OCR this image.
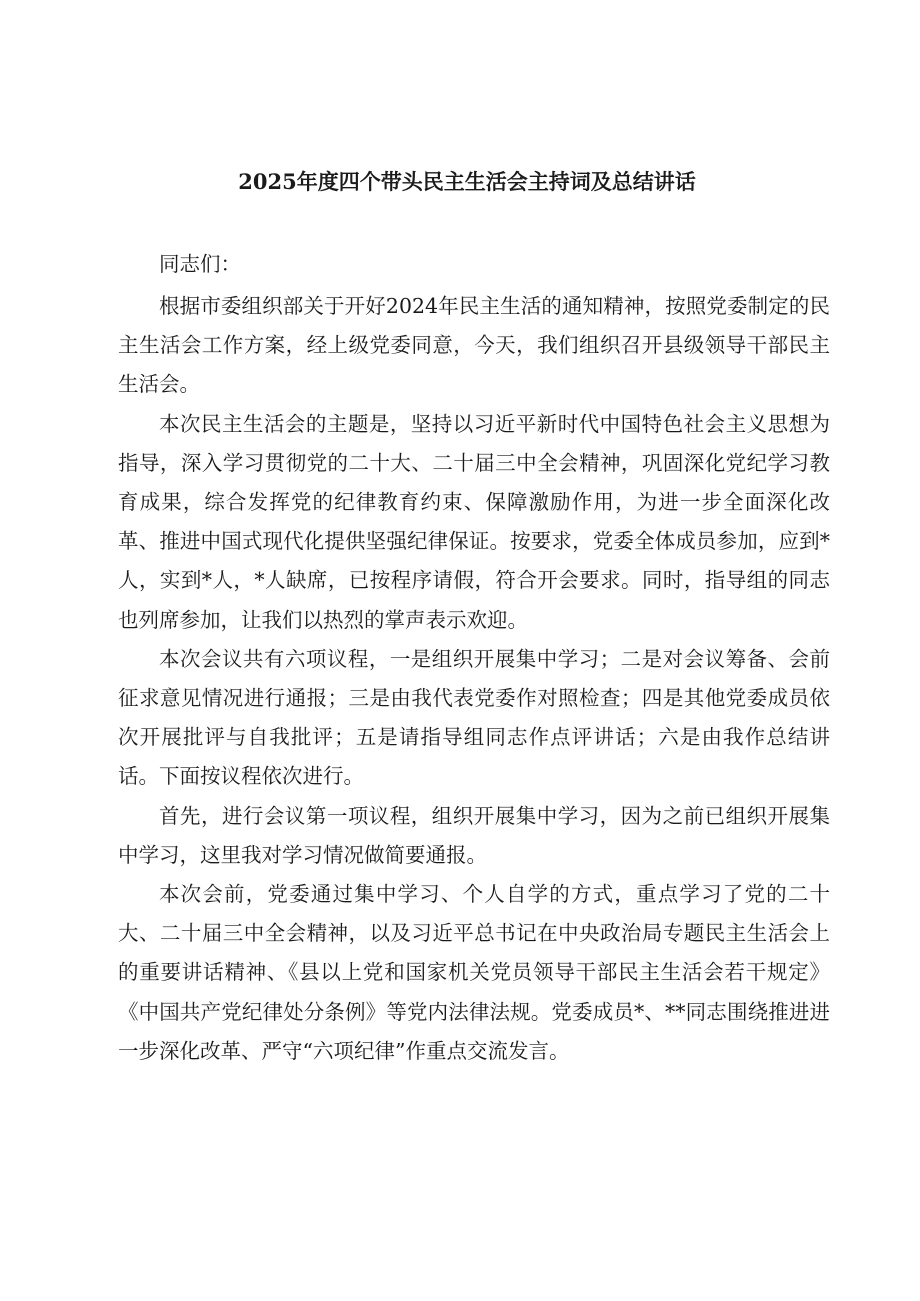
2025年度四个带头民主生活会主持词及总结讲话

同志们：

根据市委组织部关于开好2024年民主生活的通知精神，按照党委制定的民主生活会工作方案，经上级党委同意，今天，我们组织召开县级领导干部民主生活会。

本次民主生活会的主题是，坚持以习近平新时代中国特色社会主义思想为指导，深入学习贯彻党的二十大、二十届三中全会精神，巩固深化党纪学习教育成果，综合发挥党的纪律教育约束、保障激励作用，为进一步全面深化改革、推进中国式现代化提供坚强纪律保证。按要求，党委全体成员参加，应到*人，实到*人，*人缺席，已按程序请假，符合开会要求。同时，指导组的同志也列席参加，让我们以热烈的掌声表示欢迎。

本次会议共有六项议程，一是组织开展集中学习；二是对会议筹备、会前征求意见情况进行通报；三是由我代表党委作对照检查；四是其他党委成员依次开展批评与自我批评；五是请指导组同志作点评讲话；六是由我作总结讲话。下面按议程依次进行。

首先，进行会议第一项议程，组织开展集中学习，因为之前已组织开展集中学习，这里我对学习情况做简要通报。

本次会前，党委通过集中学习、个人自学的方式，重点学习了党的二十大、二十届三中全会精神，以及习近平总书记在中央政治局专题民主生活会上的重要讲话精神、《县以上党和国家机关党员领导干部民主生活会若干规定》《中国共产党纪律处分条例》等党内法律法规。党委成员*、**同志围绕推进进一步深化改革、严守“六项纪律”作重点交流发言。
